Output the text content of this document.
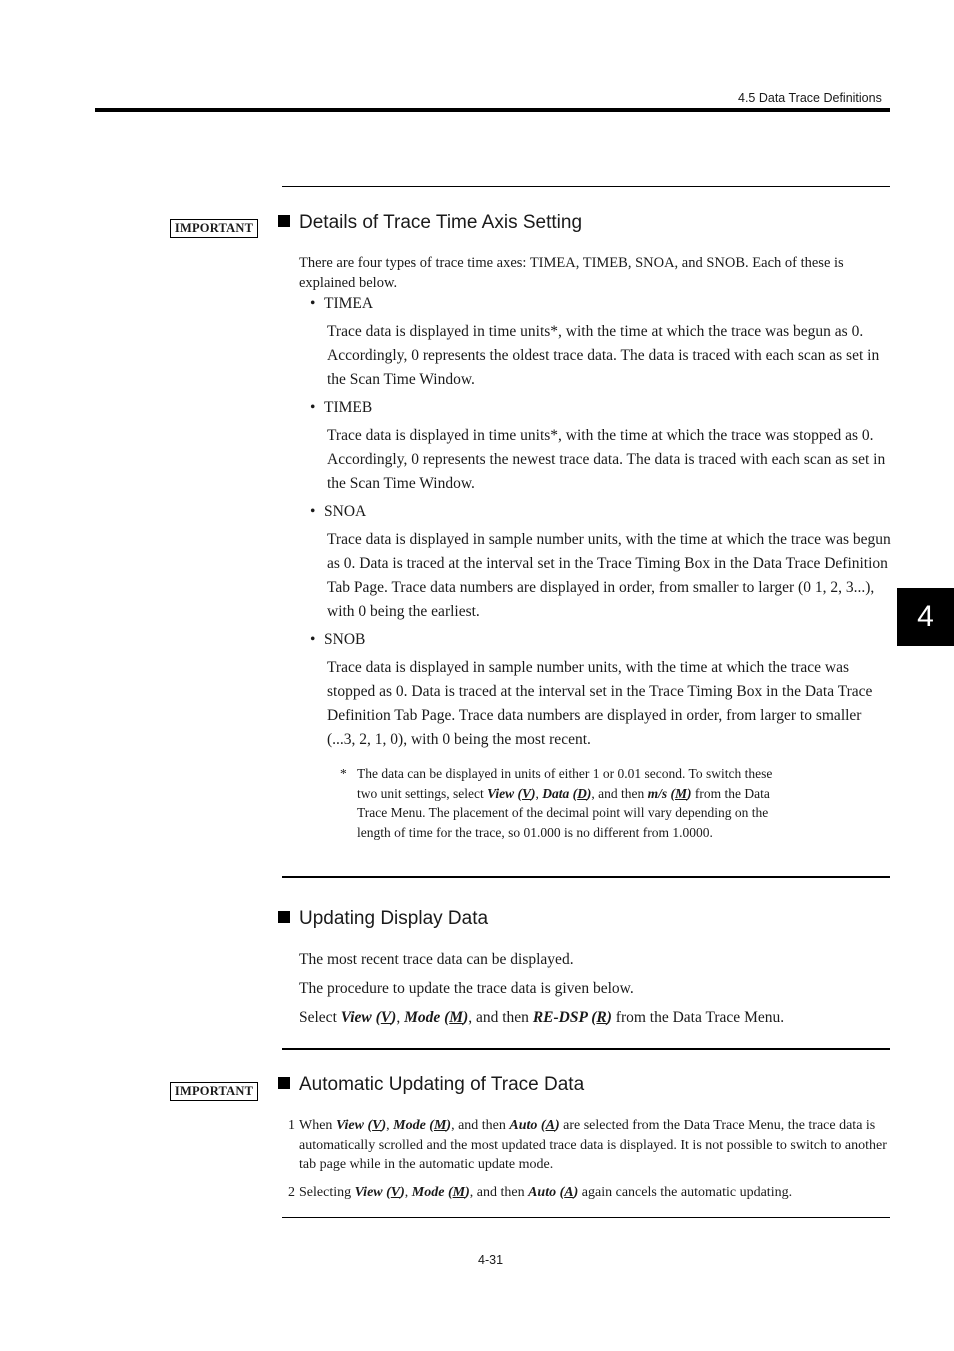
4.5 Data Trace Definitions
4
IMPORTANT	Details of Trace Time Axis Setting
There are four types of trace time axes: TIMEA, TIMEB, SNOA, and SNOB. Each of these is explained below.
• TIMEA
Trace data is displayed in time units*, with the time at which the trace was begun as 0. Accordingly, 0 represents the oldest trace data. The data is traced with each scan as set in the Scan Time Window.
• TIMEB
Trace data is displayed in time units*, with the time at which the trace was stopped as 0. Accordingly, 0 represents the newest trace data. The data is traced with each scan as set in the Scan Time Window.
• SNOA
Trace data is displayed in sample number units, with the time at which the trace was begun as 0. Data is traced at the interval set in the Trace Timing Box in the Data Trace Definition Tab Page. Trace data numbers are displayed in order, from smaller to larger (0 1, 2, 3...), with 0 being the earliest.
• SNOB
Trace data is displayed in sample number units, with the time at which the trace was stopped as 0. Data is traced at the interval set in the Trace Timing Box in the Data Trace Definition Tab Page. Trace data numbers are displayed in order, from larger to smaller (...3, 2, 1, 0), with 0 being the most recent.
* The data can be displayed in units of either 1 or 0.01 second. To switch these two unit settings, select View (V), Data (D), and then m/s (M) from the Data Trace Menu. The placement of the decimal point will vary depending on the length of time for the trace, so 01.000 is no different from 1.0000.
Updating Display Data
The most recent trace data can be displayed.
The procedure to update the trace data is given below.
Select View (V), Mode (M), and then RE-DSP (R) from the Data Trace Menu.
IMPORTANT	Automatic Updating of Trace Data
1 When View (V), Mode (M), and then Auto (A) are selected from the Data Trace Menu, the trace data is automatically scrolled and the most updated trace data is displayed. It is not possible to switch to another tab page while in the automatic update mode.
2 Selecting View (V), Mode (M), and then Auto (A) again cancels the automatic updating.
4-31
